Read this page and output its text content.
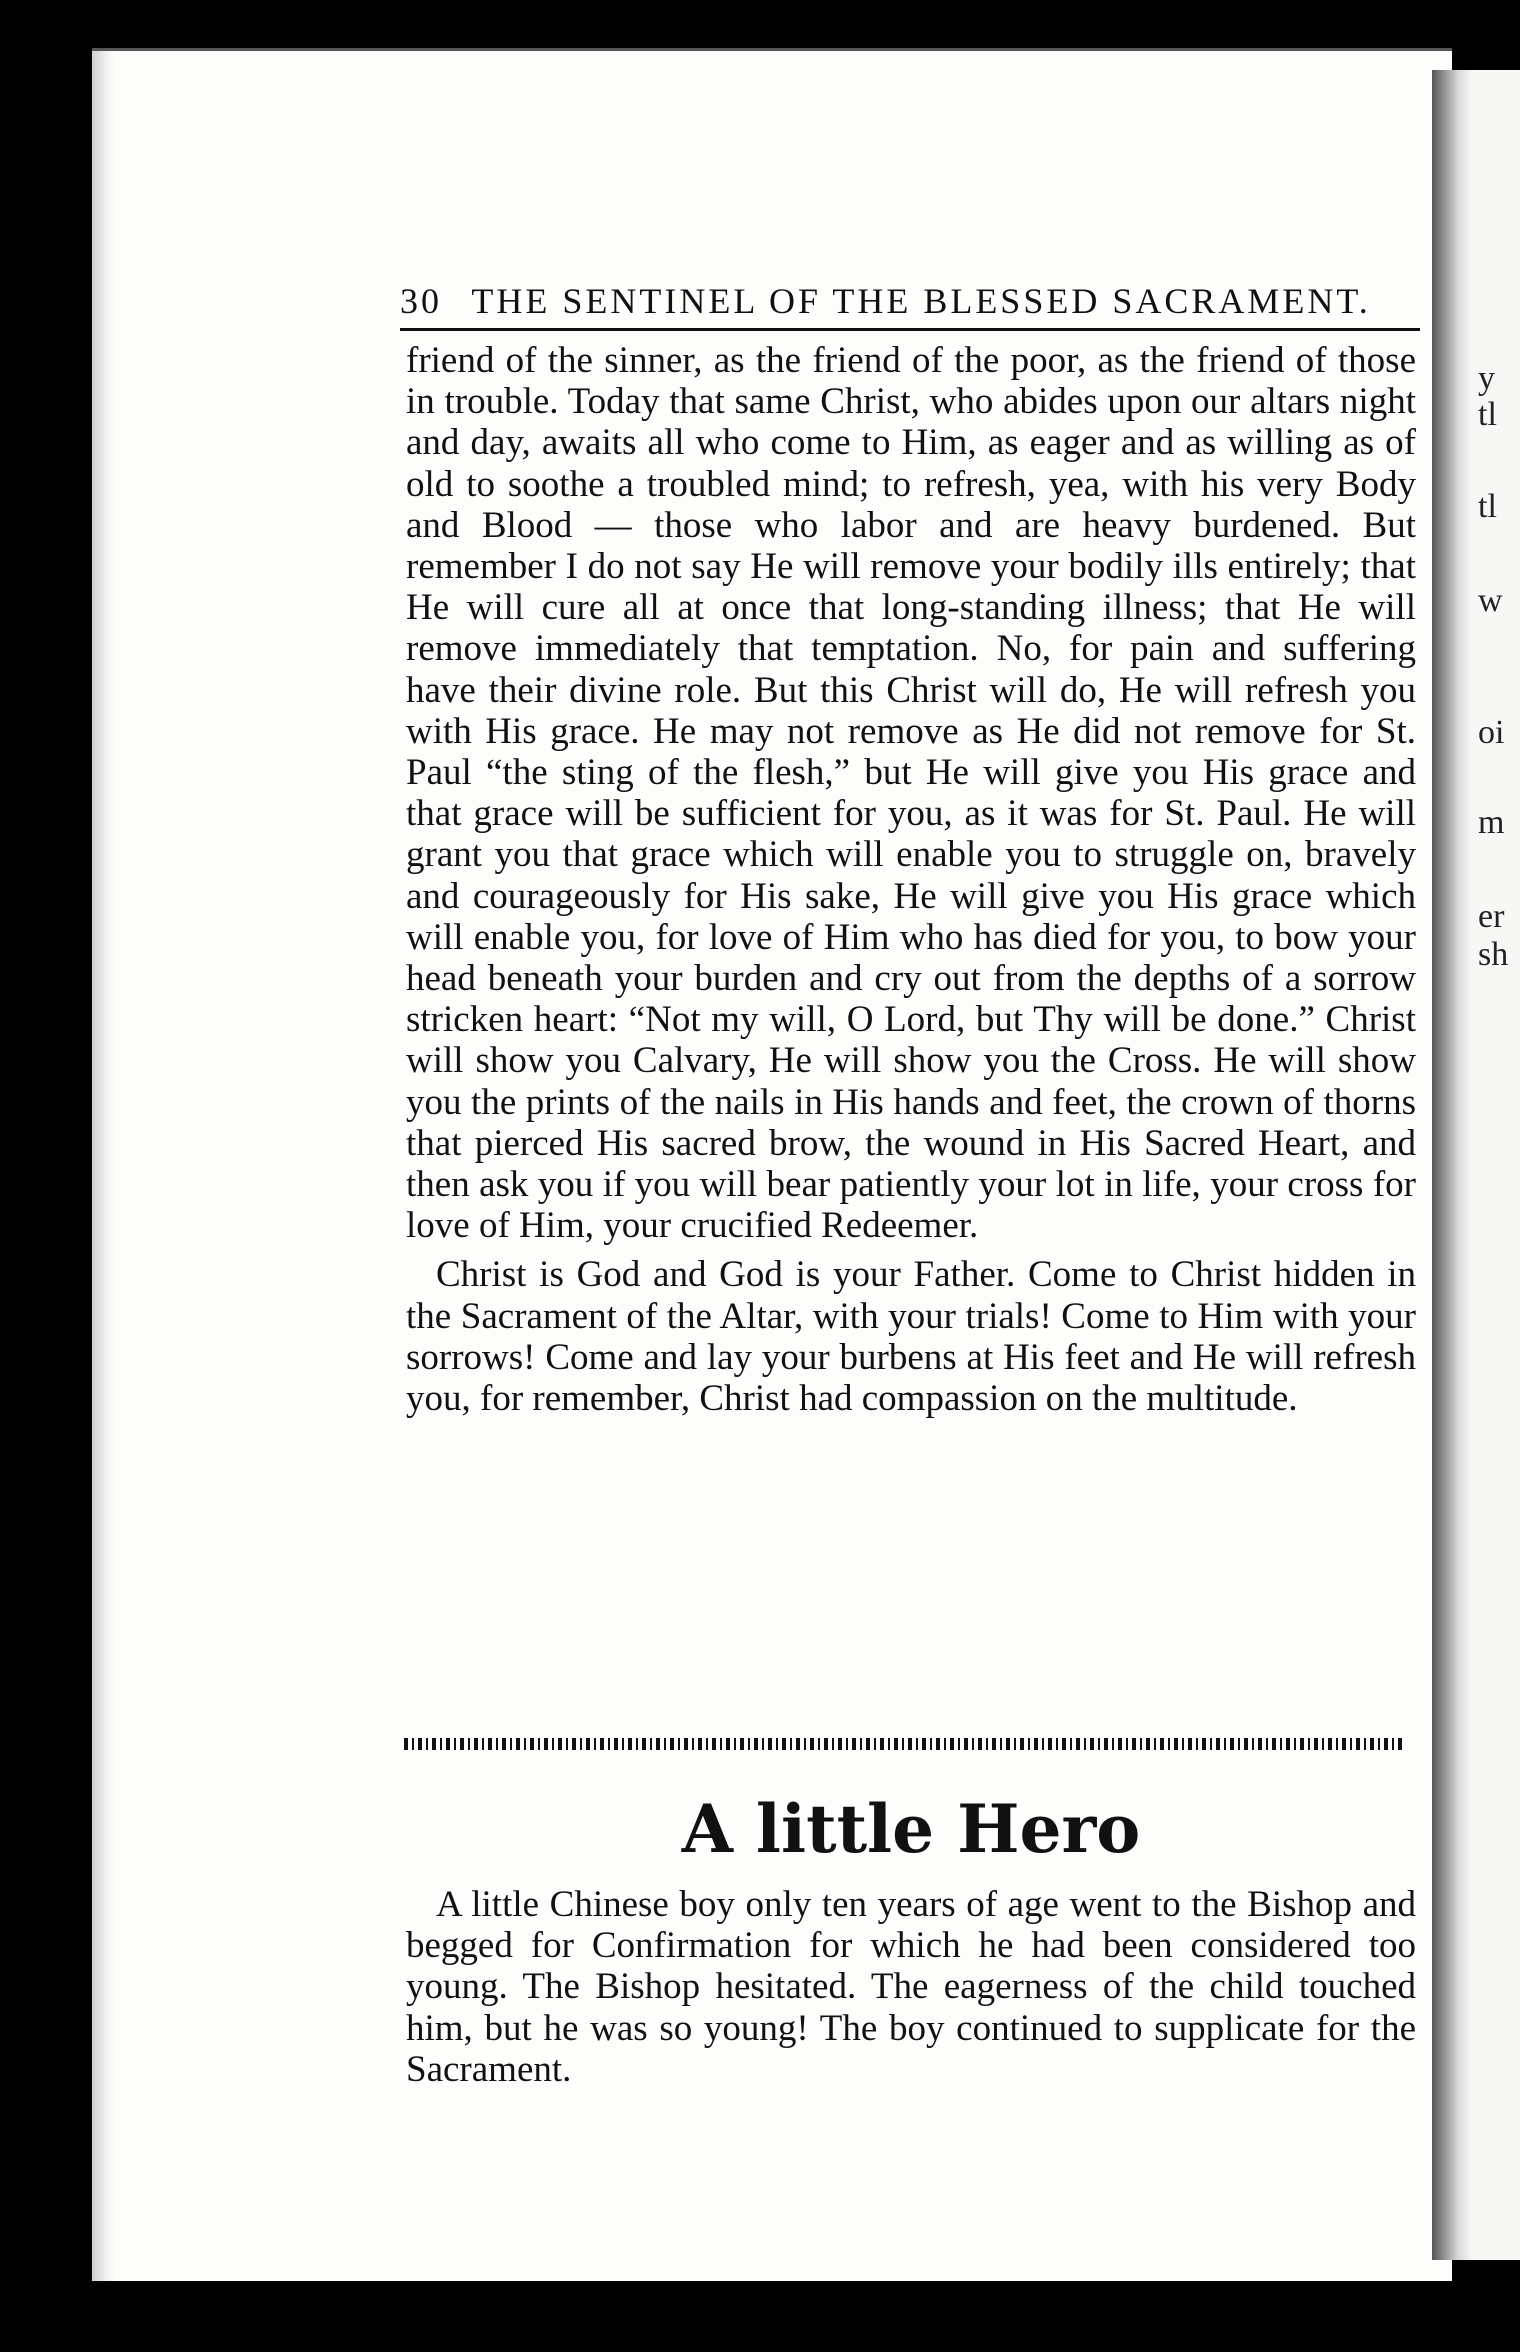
y
tl
tl
w
oi
m
er
sh
30 THE SENTINEL OF THE BLESSED SACRAMENT.

friend of the sinner, as the friend of the poor, as the friend of those in trouble. Today that same Christ, who abides upon our altars night and day, awaits all who come to Him, as eager and as willing as of old to soothe a troubled mind; to refresh, yea, with his very Body and Blood — those who labor and are heavy burdened. But remember I do not say He will remove your bodily ills entirely; that He will cure all at once that long-standing illness; that He will remove immediately that temptation. No, for pain and suffering have their divine role. But this Christ will do, He will refresh you with His grace. He may not remove as He did not remove for St. Paul “the sting of the flesh,” but He will give you His grace and that grace will be sufficient for you, as it was for St. Paul. He will grant you that grace which will enable you to struggle on, bravely and courageously for His sake, He will give you His grace which will enable you, for love of Him who has died for you, to bow your head beneath your burden and cry out from the depths of a sorrow stricken heart: “Not my will, O Lord, but Thy will be done.” Christ will show you Calvary, He will show you the Cross. He will show you the prints of the nails in His hands and feet, the crown of thorns that pierced His sacred brow, the wound in His Sacred Heart, and then ask you if you will bear patiently your lot in life, your cross for love of Him, your crucified Redeemer.

Christ is God and God is your Father. Come to Christ hidden in the Sacrament of the Altar, with your trials! Come to Him with your sorrows! Come and lay your burbens at His feet and He will refresh you, for remember, Christ had compassion on the multitude.

A little Hero

A little Chinese boy only ten years of age went to the Bishop and begged for Confirmation for which he had been considered too young. The Bishop hesitated. The eagerness of the child touched him, but he was so young! The boy continued to supplicate for the Sacrament.
